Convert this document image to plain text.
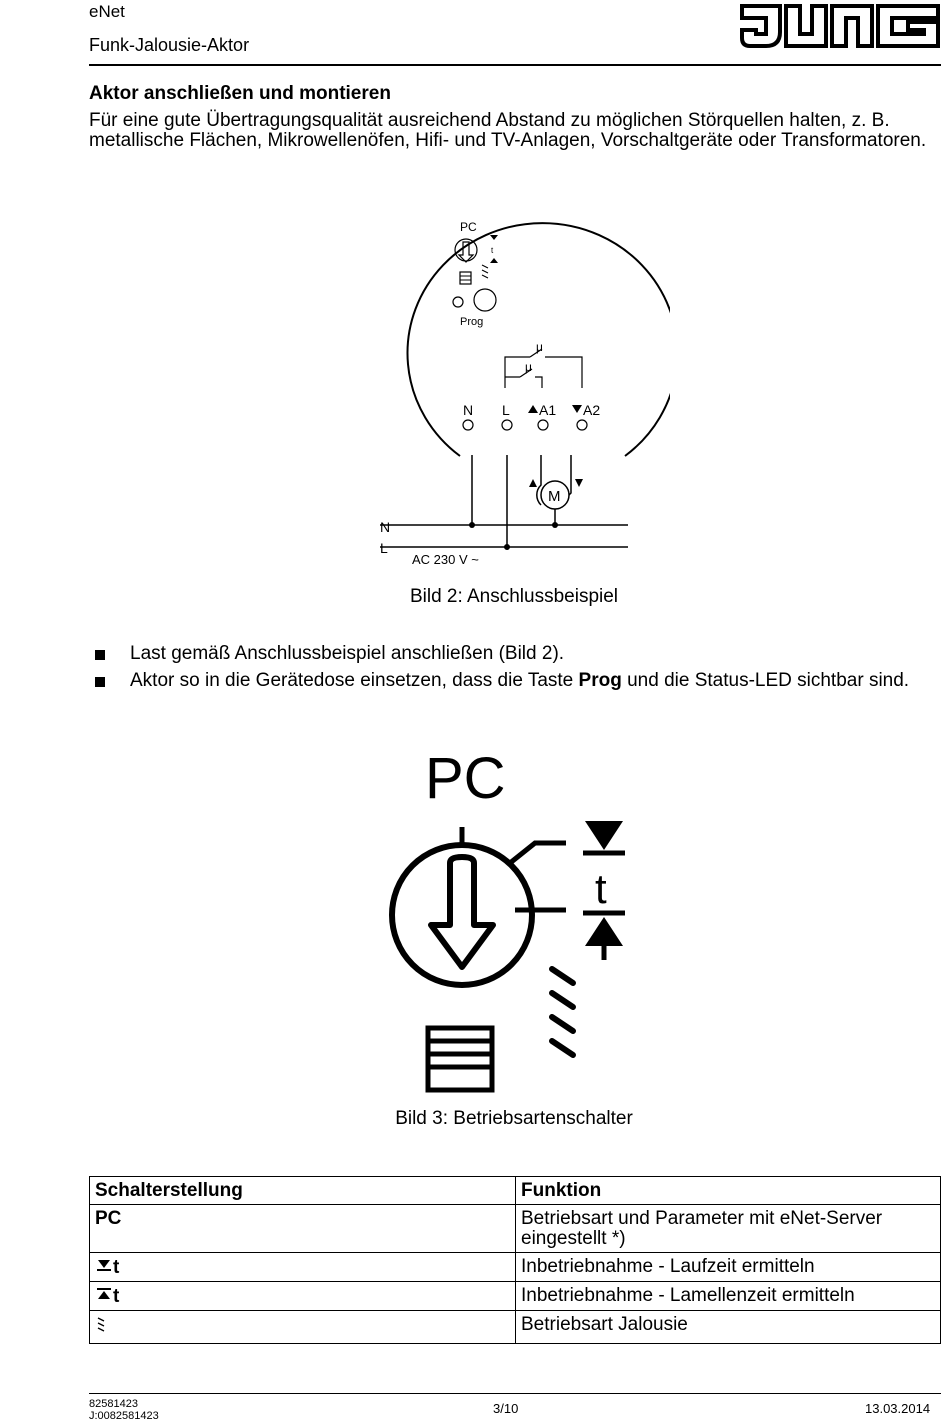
eNet
Funk-Jalousie-Aktor
Aktor anschließen und montieren
Für eine gute Übertragungsqualität ausreichend Abstand zu möglichen Störquellen halten, z. B. metallische Flächen, Mikrowellenöfen, Hifi- und TV-Anlagen, Vorschaltgeräte oder Transformatoren.
PC
t
Prog
μ
μ
N L A1 A2
M
N
L
AC 230 V ~
Bild 2: Anschlussbeispiel
Last gemäß Anschlussbeispiel anschließen (Bild 2).
Aktor so in die Gerätedose einsetzen, dass die Taste Prog und die Status-LED sichtbar sind.
PC
t
Bild 3: Betriebsartenschalter
Schalterstellung	Funktion
PC	Betriebsart und Parameter mit eNet-Server eingestellt *)
t	Inbetriebnahme - Laufzeit ermitteln
t	Inbetriebnahme - Lamellenzeit ermitteln
	Betriebsart Jalousie
82581423
J:0082581423	3/10	13.03.2014
